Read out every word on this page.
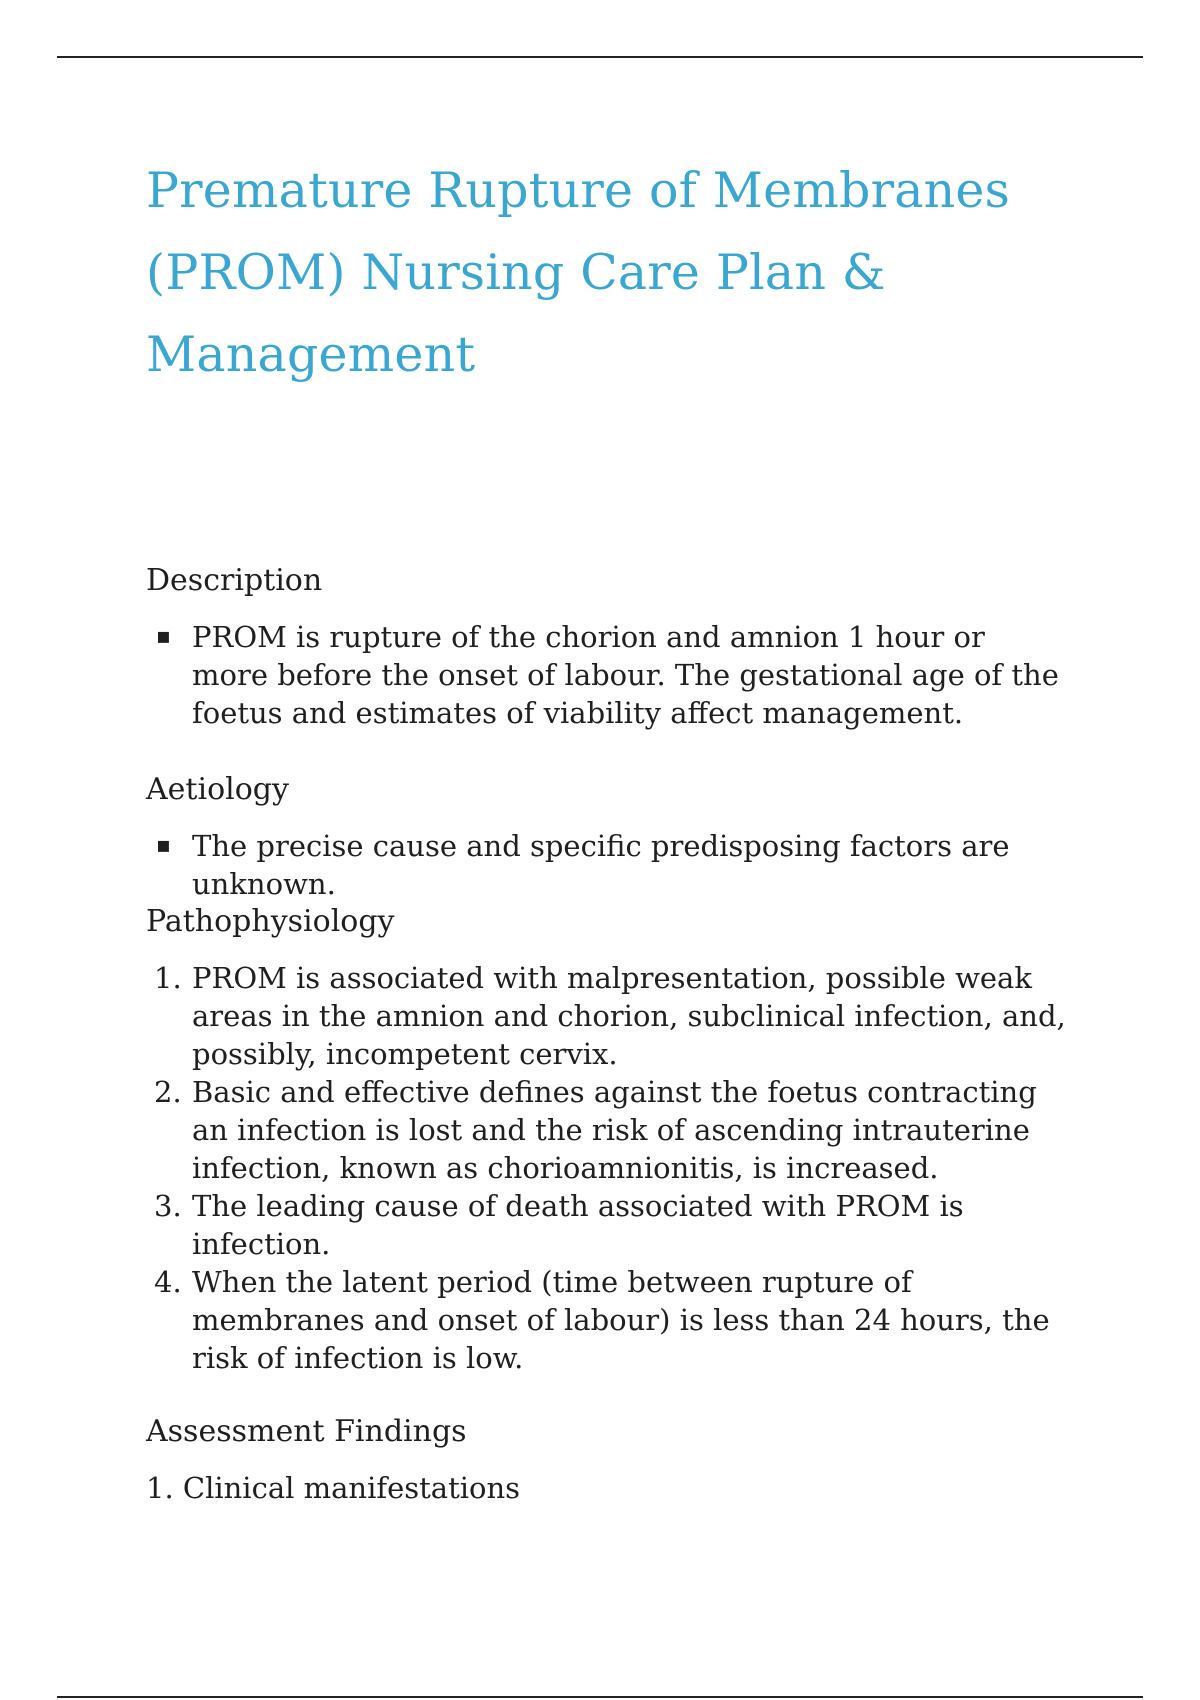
Premature Rupture of Membranes
(PROM) Nursing Care Plan &
Management
Description
▪ PROM is rupture of the chorion and amnion 1 hour or more before the onset of labour. The gestational age of the foetus and estimates of viability affect management.
Aetiology
▪ The precise cause and specific predisposing factors are unknown.
Pathophysiology
1. PROM is associated with malpresentation, possible weak areas in the amnion and chorion, subclinical infection, and, possibly, incompetent cervix.
2. Basic and effective defines against the foetus contracting an infection is lost and the risk of ascending intrauterine infection, known as chorioamnionitis, is increased.
3. The leading cause of death associated with PROM is infection.
4. When the latent period (time between rupture of membranes and onset of labour) is less than 24 hours, the risk of infection is low.
Assessment Findings

1. Clinical manifestations
